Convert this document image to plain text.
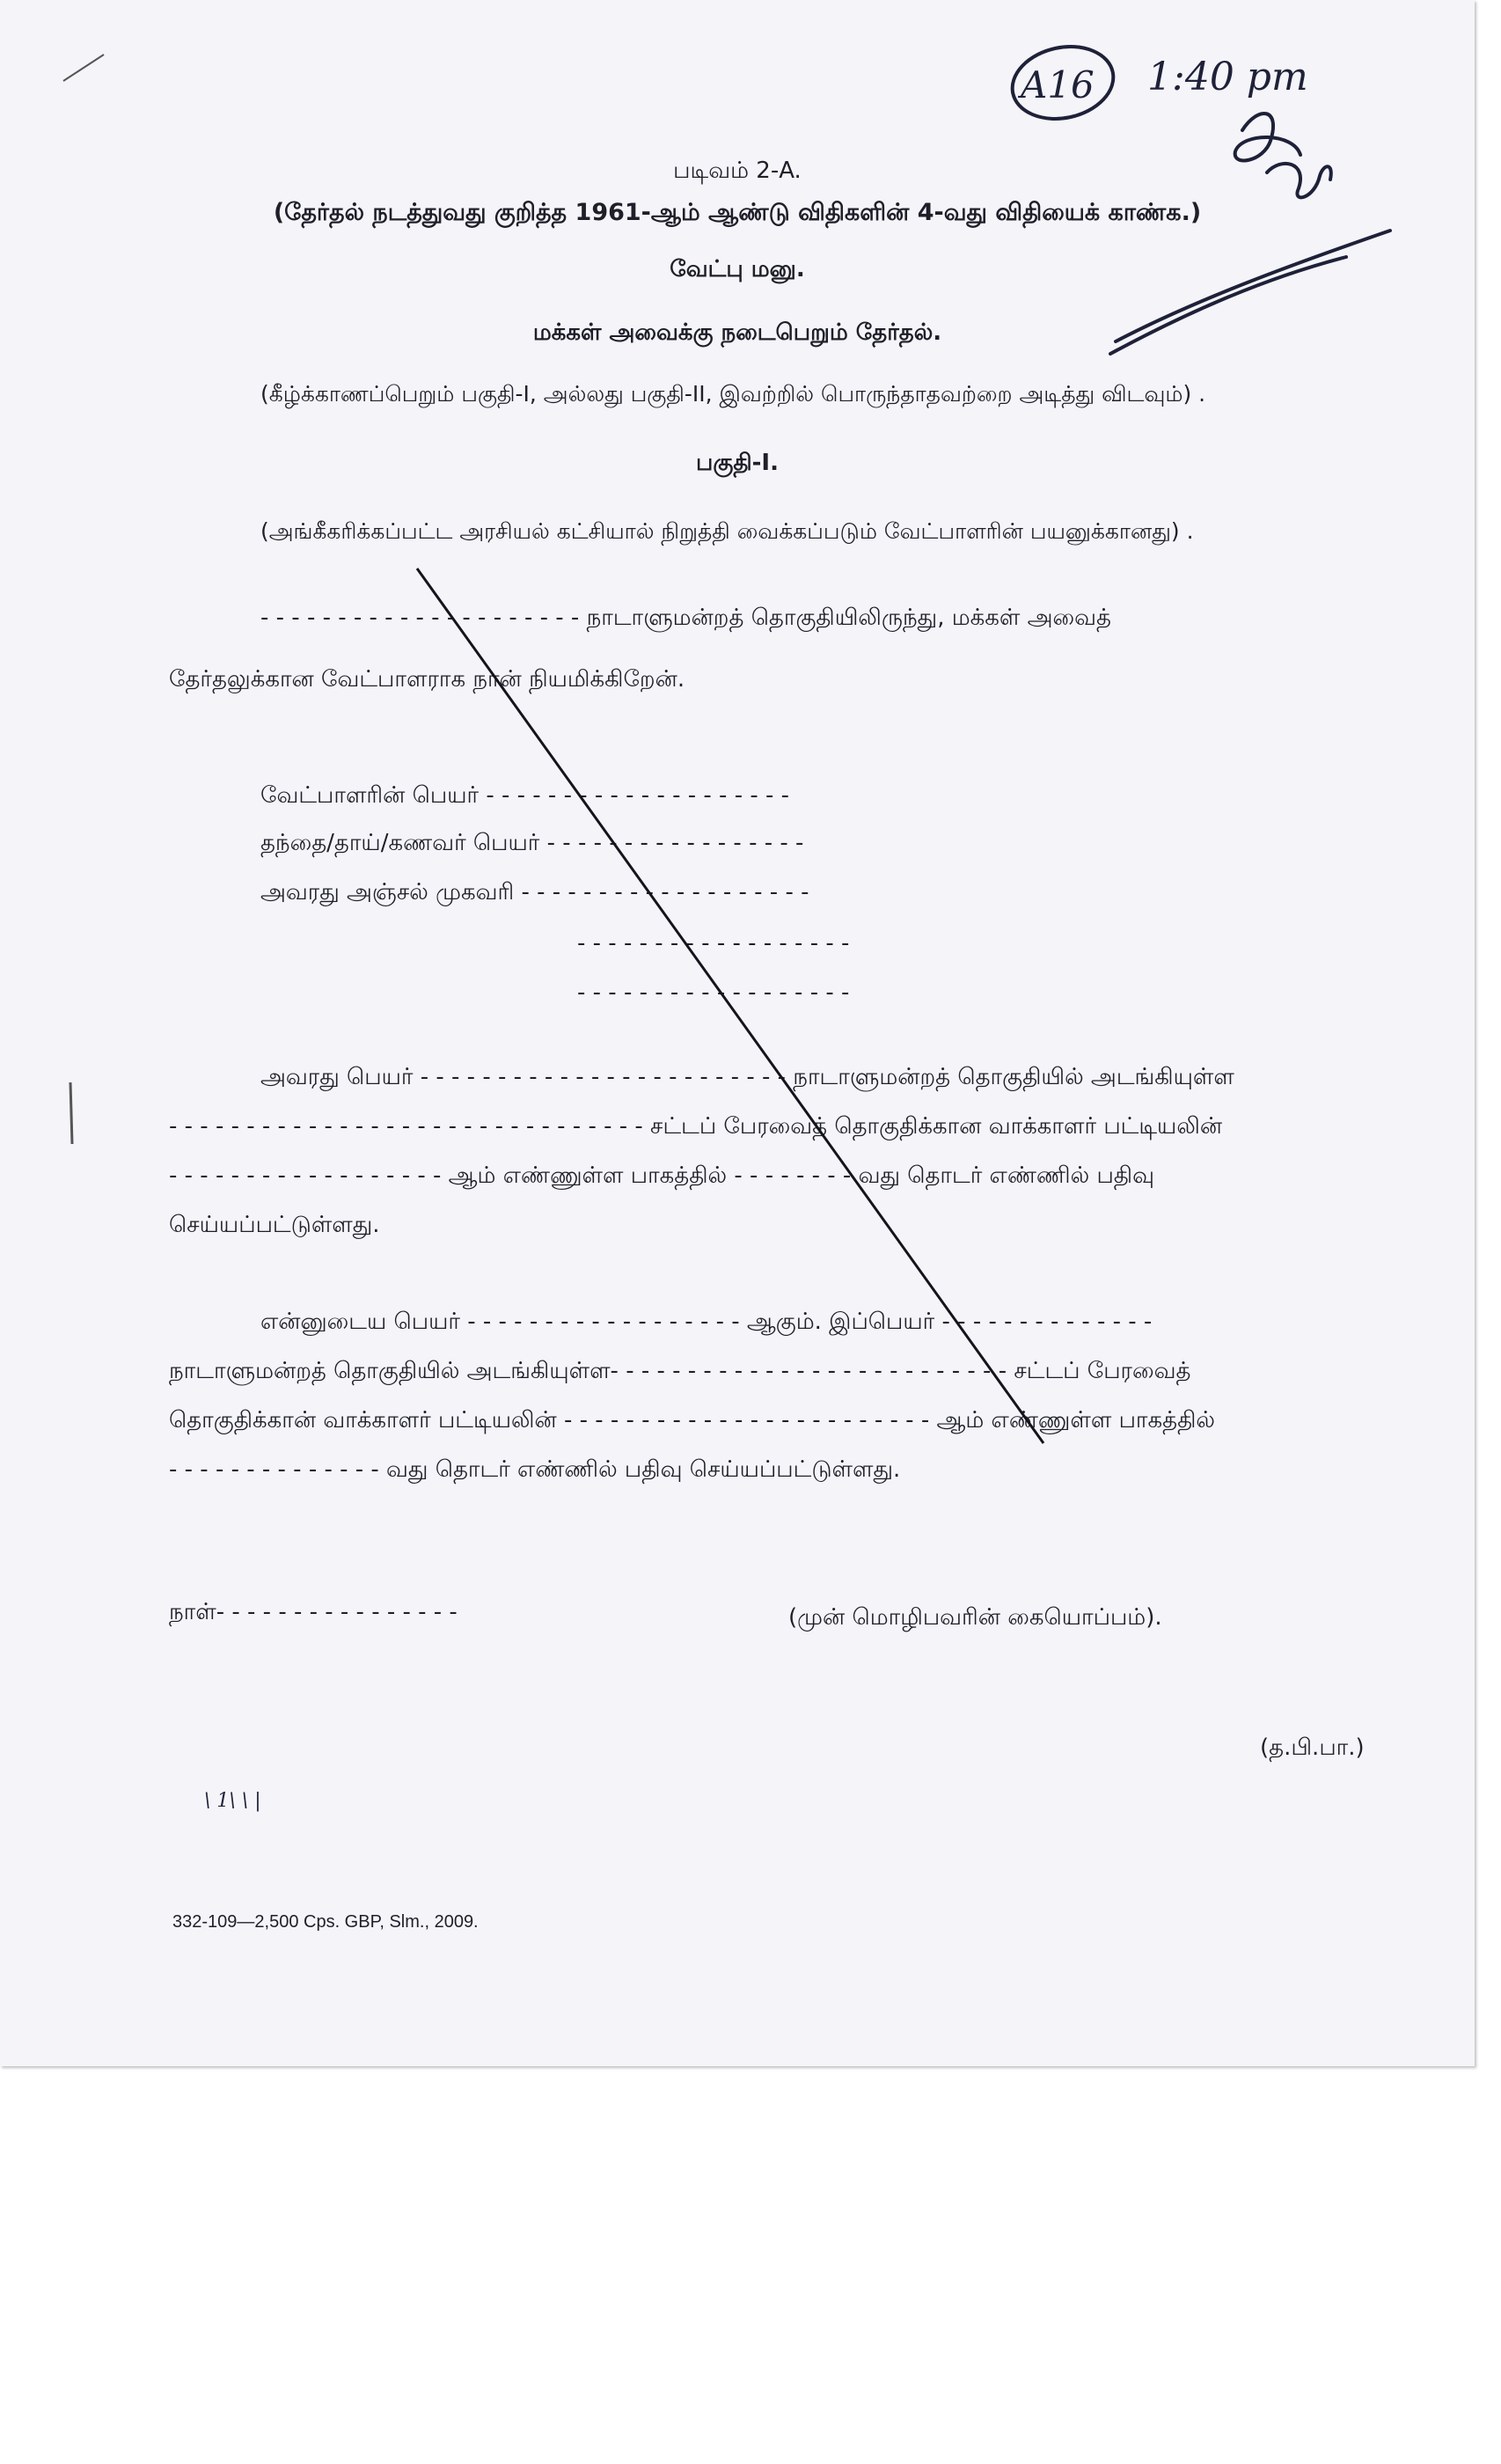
படிவம் 2-A.
(தேர்தல் நடத்துவது குறித்த 1961-ஆம் ஆண்டு விதிகளின் 4-வது விதியைக் காண்க.)
வேட்பு மனு.
மக்கள் அவைக்கு நடைபெறும் தேர்தல்.
(கீழ்க்காணப்பெறும் பகுதி-I, அல்லது பகுதி-II, இவற்றில் பொருந்தாதவற்றை அடித்து விடவும்) .
பகுதி-I.
(அங்கீகரிக்கப்பட்ட அரசியல் கட்சியால் நிறுத்தி வைக்கப்படும் வேட்பாளரின் பயனுக்கானது) .
- - - - - - - - - - - - - - - - - - - - - நாடாளுமன்றத் தொகுதியிலிருந்து, மக்கள் அவைத்
தேர்தலுக்கான வேட்பாளராக நான் நியமிக்கிறேன்.
வேட்பாளரின் பெயர் - - - - - - - - - - - - - - - - - - - -
தந்தை/தாய்/கணவர் பெயர் - - - - - - - - - - - - - - - - -
அவரது அஞ்சல் முகவரி - - - - - - - - - - - - - - - - - - -
- - - - - - - - - - - - - - - - - -
- - - - - - - - - - - - - - - - - -
அவரது பெயர் - - - - - - - - - - - - - - - - - - - - - - - - நாடாளுமன்றத் தொகுதியில் அடங்கியுள்ள
- - - - - - - - - - - - - - - - - - - - - - - - - - - - - - - சட்டப் பேரவைத் தொகுதிக்கான வாக்காளர் பட்டியலின்
- - - - - - - - - - - - - - - - - - ஆம் எண்ணுள்ள பாகத்தில் - - - - - - - - வது தொடர் எண்ணில் பதிவு
செய்யப்பட்டுள்ளது.
என்னுடைய பெயர் - - - - - - - - - - - - - - - - - - ஆகும். இப்பெயர் - - - - - - - - - - - - - -
நாடாளுமன்றத் தொகுதியில் அடங்கியுள்ள- - - - - - - - - - - - - - - - - - - - - - - - - - சட்டப் பேரவைத்
தொகுதிக்கான் வாக்காளர் பட்டியலின் - - - - - - - - - - - - - - - - - - - - - - - - ஆம் எண்ணுள்ள பாகத்தில்
- - - - - - - - - - - - - - வது தொடர் எண்ணில் பதிவு செய்யப்பட்டுள்ளது.
நாள்- - - - - - - - - - - - - - - -	(முன் மொழிபவரின் கையொப்பம்).
(த.பி.பா.)
332-109—2,500 Cps. GBP, Slm., 2009.
A16 1:40 pm
\ 1\ \ |
